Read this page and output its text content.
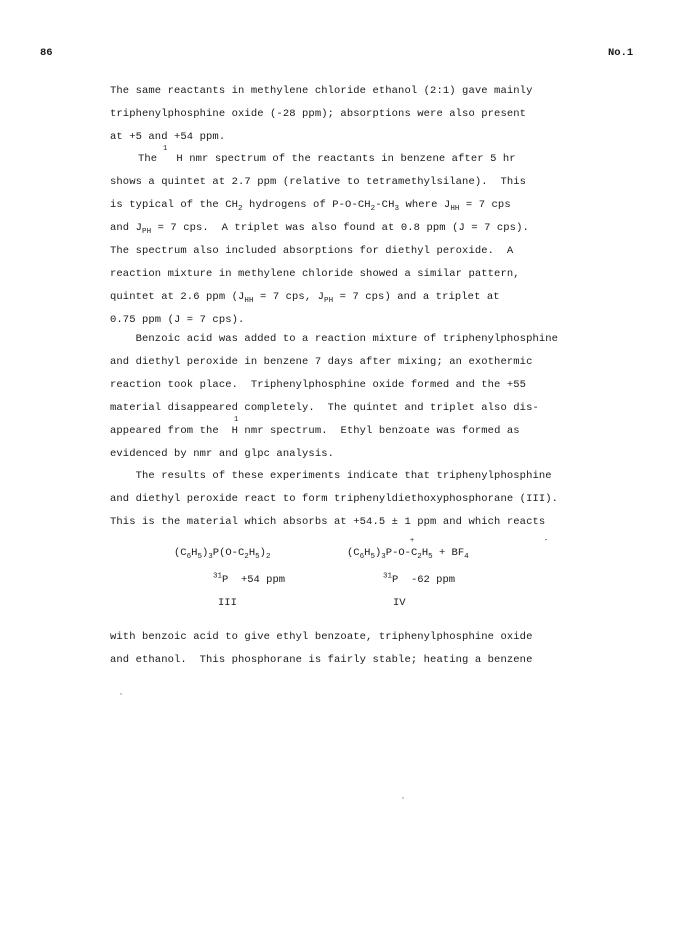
86	No.1
The same reactants in methylene chloride ethanol (2:1) gave mainly
triphenylphosphine oxide (-28 ppm); absorptions were also present
at +5 and +54 ppm.
1
The   H nmr spectrum of the reactants in benzene after 5 hr
shows a quintet at 2.7 ppm (relative to tetramethylsilane).  This
is typical of the $CH_2$ hydrogens of $P-O-CH_2-CH_3$ where $J_{HH} = 7$ cps
and $J_{PH} = 7$ cps.  A triplet was also found at 0.8 ppm (J = 7 cps).
The spectrum also included absorptions for diethyl peroxide.  A
reaction mixture in methylene chloride showed a similar pattern,
quintet at 2.6 ppm ($J_{HH} = 7$ cps, $J_{PH} = 7$ cps) and a triplet at
0.75 ppm (J = 7 cps).
Benzoic acid was added to a reaction mixture of triphenylphosphine
and diethyl peroxide in benzene 7 days after mixing; an exothermic
reaction took place.  Triphenylphosphine oxide formed and the +55
material disappeared completely.  The quintet and triplet also dis-
1
appeared from the  H nmr spectrum.  Ethyl benzoate was formed as
evidenced by nmr and glpc analysis.
The results of these experiments indicate that triphenylphosphine
and diethyl peroxide react to form triphenyldiethoxyphosphorane (III).
This is the material which absorbs at +54.5 ± 1 ppm and which reacts
$(C_6H_5)_3P(O-C_2H_5)_2$
+	-
$(C_6H_5)_3P-O-C_2H_5 + BF_4$
$^{31}$P +54 ppm	$^{31}$P -62 ppm
III	IV
with benzoic acid to give ethyl benzoate, triphenylphosphine oxide
and ethanol.  This phosphorane is fairly stable; heating a benzene
